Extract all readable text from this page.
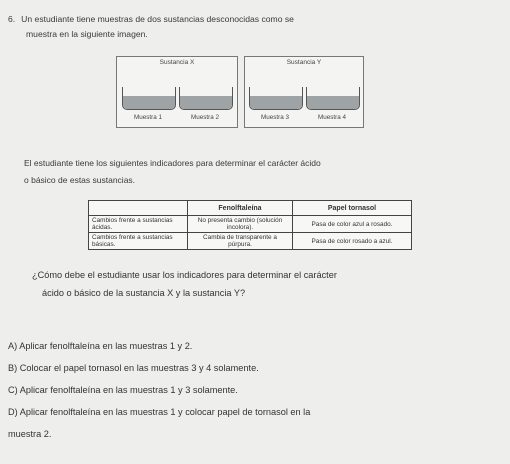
6. Un estudiante tiene muestras de dos sustancias desconocidas como se
muestra en la siguiente imagen.
Sustancia X
Muestra 1	Muestra 2
Sustancia Y
Muestra 3	Muestra 4
El estudiante tiene los siguientes indicadores para determinar el carácter ácido
o básico de estas sustancias.
	Fenolftaleína	Papel tornasol
Cambios frente a sustancias ácidas.	No presenta cambio (solución incolora).	Pasa de color azul a rosado.
Cambios frente a sustancias básicas.	Cambia de transparente a púrpura.	Pasa de color rosado a azul.
¿Cómo debe el estudiante usar los indicadores para determinar el carácter
ácido o básico de la sustancia X y la sustancia Y?
A) Aplicar fenolftaleína en las muestras 1 y 2.
B) Colocar el papel tornasol en las muestras 3 y 4 solamente.
C) Aplicar fenolftaleína en las muestras 1 y 3 solamente.
D) Aplicar fenolftaleína en las muestras 1 y colocar papel de tornasol en la
muestra 2.
